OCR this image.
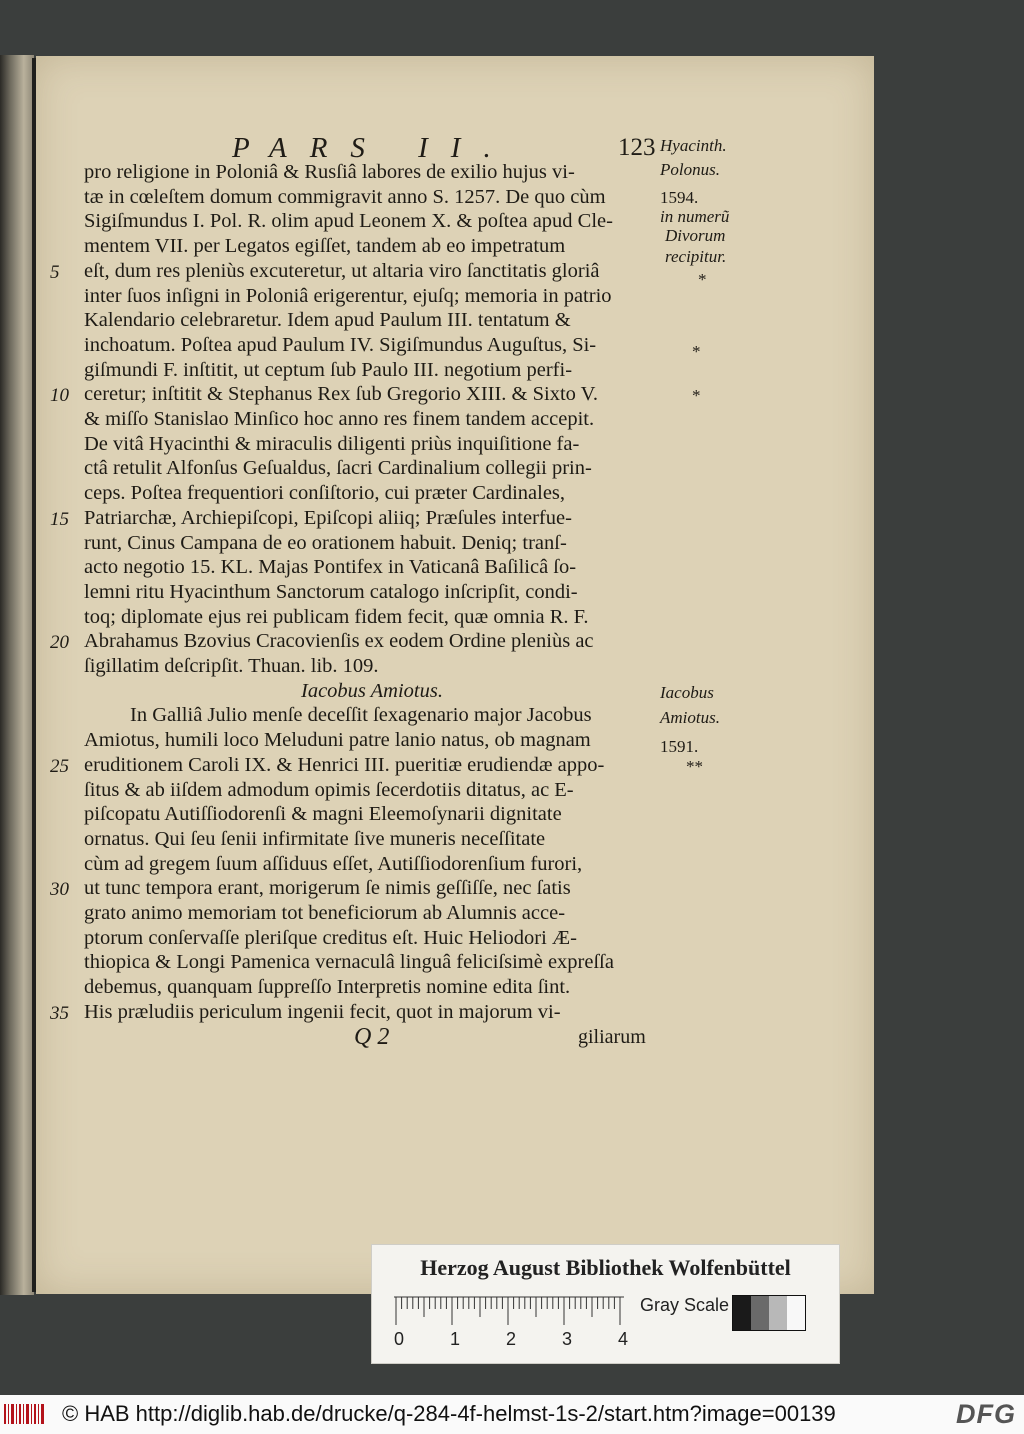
PARS II.	123
pro religione in Poloniâ & Rusſiâ labores de exilio hujus vi-
tæ in cœleſtem domum commigravit anno S. 1257. De quo cùm
Sigiſmundus I. Pol. R. olim apud Leonem X. & poſtea apud Cle-
mentem VII. per Legatos egiſſet, tandem ab eo impetratum
eſt, dum res pleniùs excuteretur, ut altaria viro ſanctitatis gloriâ
5
inter ſuos inſigni in Poloniâ erigerentur, ejuſq; memoria in patrio
Kalendario celebraretur. Idem apud Paulum III. tentatum &
inchoatum. Poſtea apud Paulum IV. Sigiſmundus Auguſtus, Si-
giſmundi F. inſtitit, ut ceptum ſub Paulo III. negotium perfi-
ceretur; inſtitit & Stephanus Rex ſub Gregorio XIII. & Sixto V.
10
& miſſo Stanislao Minſico hoc anno res finem tandem accepit.
De vitâ Hyacinthi & miraculis diligenti priùs inquiſitione fa-
ctâ retulit Alfonſus Geſualdus, ſacri Cardinalium collegii prin-
ceps. Poſtea frequentiori conſiſtorio, cui præter Cardinales,
Patriarchæ, Archiepiſcopi, Epiſcopi aliiq; Præſules interfue-
15
runt, Cinus Campana de eo orationem habuit. Deniq; tranſ-
acto negotio 15. KL. Majas Pontifex in Vaticanâ Baſilicâ ſo-
lemni ritu Hyacinthum Sanctorum catalogo inſcripſit, condi-
toq; diplomate ejus rei publicam fidem fecit, quæ omnia R. F.
Abrahamus Bzovius Cracovienſis ex eodem Ordine pleniùs ac
20
ſigillatim deſcripſit. Thuan. lib. 109.
Iacobus Amiotus.
In Galliâ Julio menſe deceſſit ſexagenario major Jacobus
Amiotus, humili loco Meluduni patre lanio natus, ob magnam
eruditionem Caroli IX. & Henrici III. pueritiæ erudiendæ appo-
25
ſitus & ab iiſdem admodum opimis ſecerdotiis ditatus, ac E-
piſcopatu Autiſſiodorenſi & magni Eleemoſynarii dignitate
ornatus. Qui ſeu ſenii infirmitate ſive muneris neceſſitate
cùm ad gregem ſuum aſſiduus eſſet, Autiſſiodorenſium furori,
ut tunc tempora erant, morigerum ſe nimis geſſiſſe, nec ſatis
30
grato animo memoriam tot beneficiorum ab Alumnis acce-
ptorum conſervaſſe pleriſque creditus eſt. Huic Heliodori Æ-
thiopica & Longi Pamenica vernaculâ linguâ feliciſsimè expreſſa
debemus, quanquam ſuppreſſo Interpretis nomine edita ſint.
His præludiis periculum ingenii fecit, quot in majorum vi-
35
Hyacinth.
Polonus.
1594.
in numerũ
Divorum
recipitur.
*
*
*
Iacobus
Amiotus.
1591.
**
Q 2	giliarum
Herzog August Bibliothek Wolfenbüttel
0	1	2	3	4
Gray Scale
© HAB http://diglib.hab.de/drucke/q-284-4f-helmst-1s-2/start.htm?image=00139	DFG
